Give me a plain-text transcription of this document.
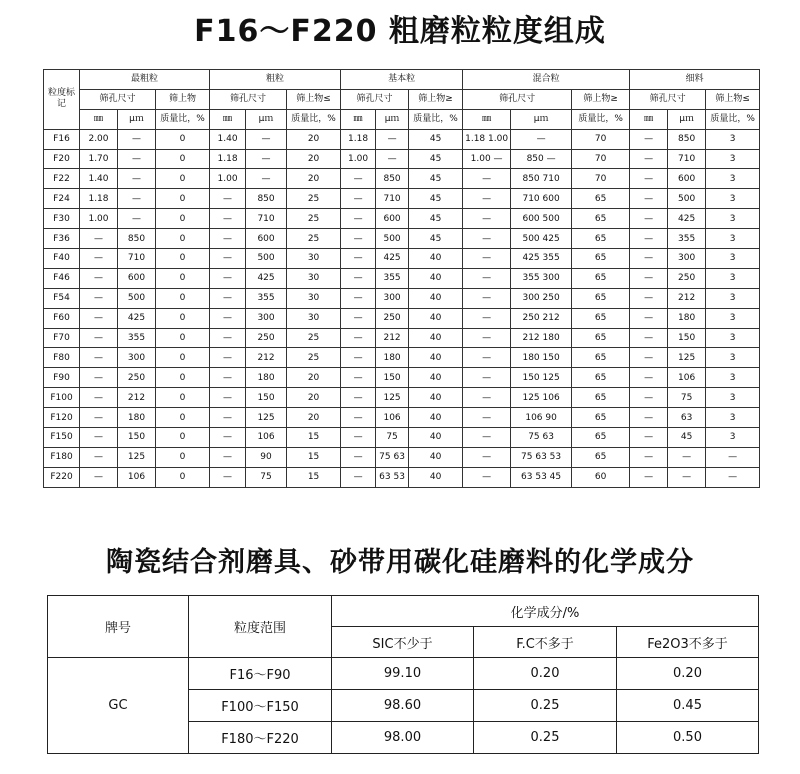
F16～F220 粗磨粒粒度组成
粒度标记	最粗粒			粗粒			基本粒			混合粒			细料		
	筛孔尺寸		筛上物	筛孔尺寸		筛上物≤	筛孔尺寸		筛上物≥	筛孔尺寸		筛上物≥	筛孔尺寸		筛上物≤
	㎜	μｍ	质量比，%	㎜	μｍ	质量比，%	㎜	μｍ	质量比，%	㎜	μｍ	质量比，%	㎜	μｍ	质量比，%
F16	2.00	—	0	1.40	—	20	1.18	—	45	1.18 1.00	—	70	—	850	3
F20	1.70	—	0	1.18	—	20	1.00	—	45	1.00 —	850 —	70	—	710	3
F22	1.40	—	0	1.00	—	20	—	850	45	—	850 710	70	—	600	3
F24	1.18	—	0	—	850	25	—	710	45	—	710 600	65	—	500	3
F30	1.00	—	0	—	710	25	—	600	45	—	600 500	65	—	425	3
F36	—	850	0	—	600	25	—	500	45	—	500 425	65	—	355	3
F40	—	710	0	—	500	30	—	425	40	—	425 355	65	—	300	3
F46	—	600	0	—	425	30	—	355	40	—	355 300	65	—	250	3
F54	—	500	0	—	355	30	—	300	40	—	300 250	65	—	212	3
F60	—	425	0	—	300	30	—	250	40	—	250 212	65	—	180	3
F70	—	355	0	—	250	25	—	212	40	—	212 180	65	—	150	3
F80	—	300	0	—	212	25	—	180	40	—	180 150	65	—	125	3
F90	—	250	0	—	180	20	—	150	40	—	150 125	65	—	106	3
F100	—	212	0	—	150	20	—	125	40	—	125 106	65	—	75	3
F120	—	180	0	—	125	20	—	106	40	—	106 90	65	—	63	3
F150	—	150	0	—	106	15	—	75	40	—	75 63	65	—	45	3
F180	—	125	0	—	90	15	—	75 63	40	—	75 63 53	65	—	—	—
F220	—	106	0	—	75	15	—	63 53	40	—	63 53 45	60	—	—	—
陶瓷结合剂磨具、砂带用碳化硅磨料的化学成分
牌号	粒度范围	化学成分/%		
		SIC不少于	F.C不多于	Fe2O3不多于
GC	F16～F90	99.10	0.20	0.20
	F100～F150	98.60	0.25	0.45
	F180～F220	98.00	0.25	0.50
